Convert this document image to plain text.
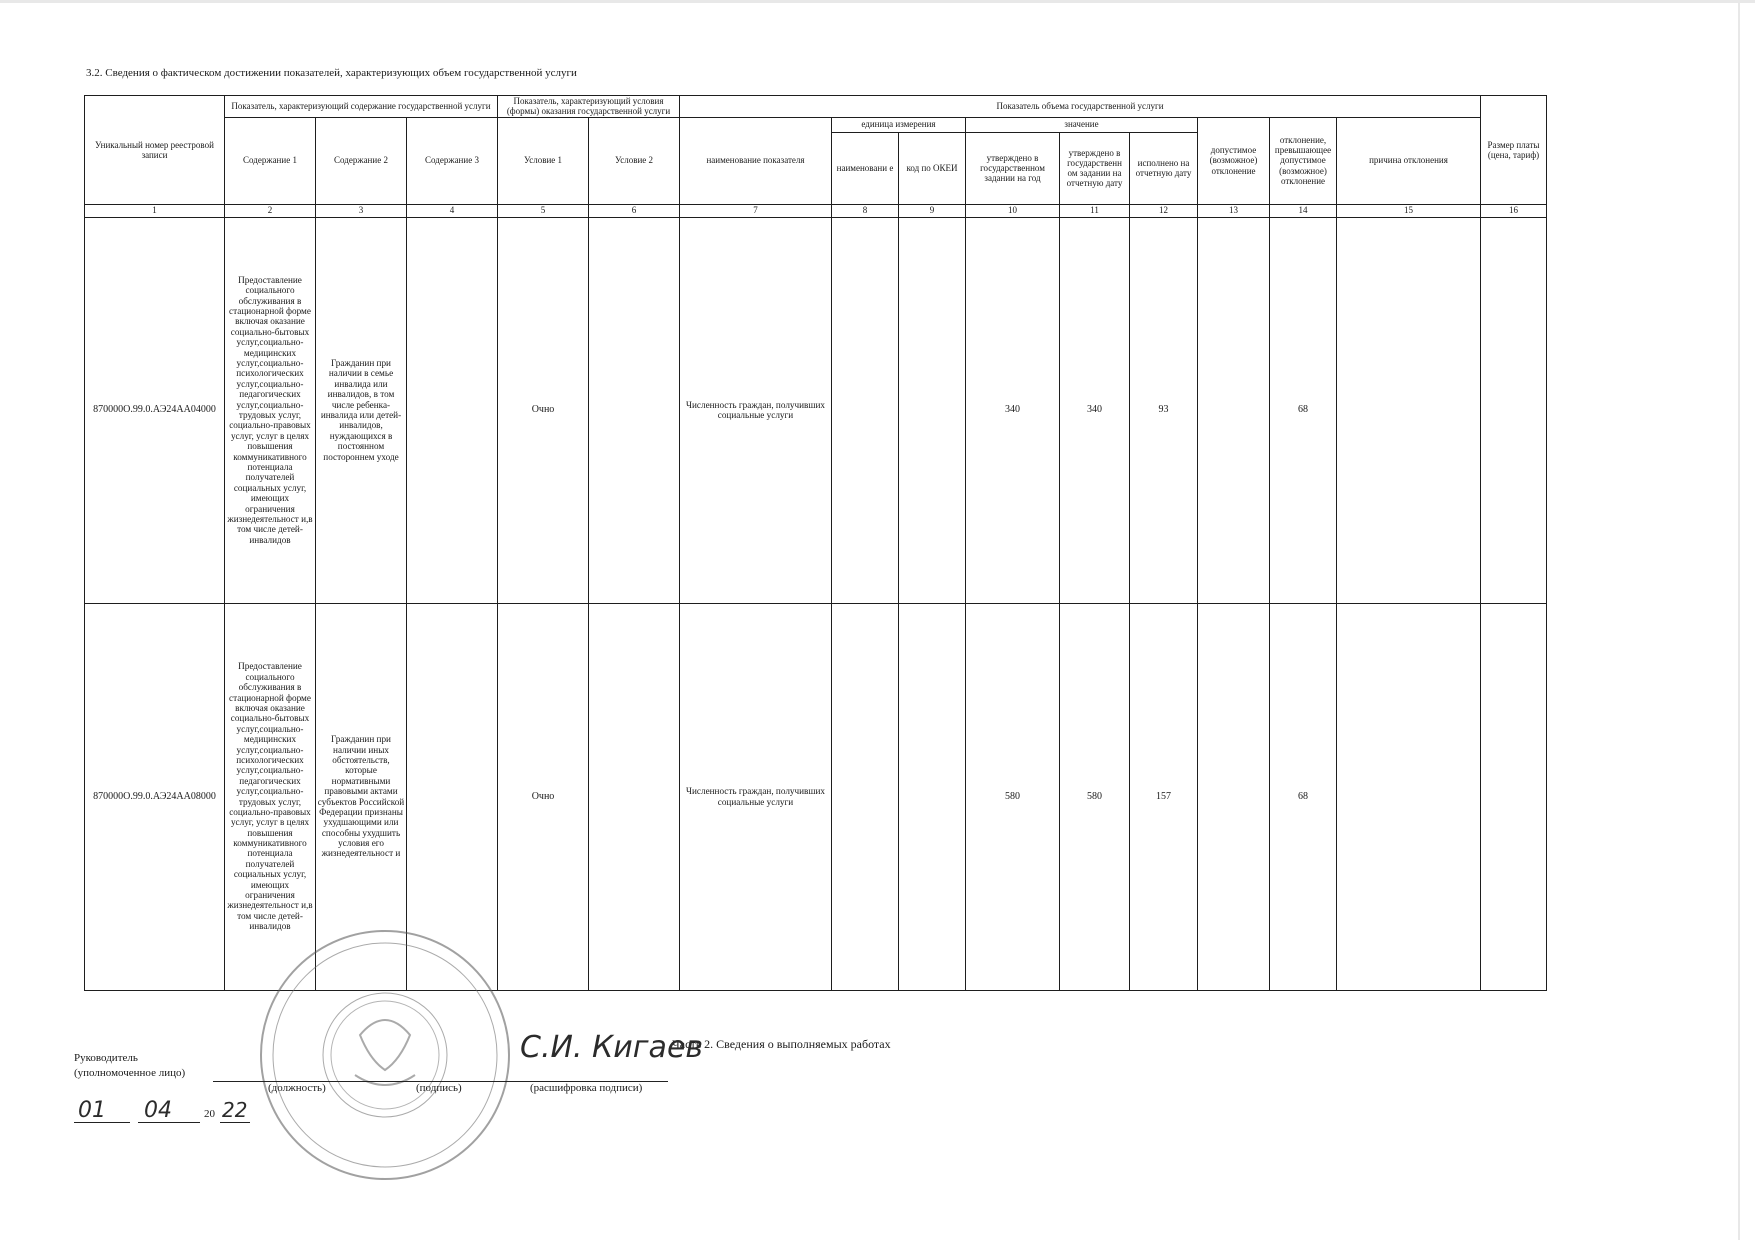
3.2. Сведения о фактическом достижении показателей, характеризующих объем государственной услуги
Уникальный номер реестровой записи	Показатель, характеризующий содержание государственной услуги			Показатель, характеризующий условия (формы) оказания государственной услуги		Показатель объема государственной услуги									Размер платы (цена, тариф)
	Содержание 1	Содержание 2	Содержание 3	Условие 1	Условие 2	наименование показателя	единица измерения		значение			допустимое (возможное) отклонение	отклонение, превышающее допустимое (возможное) отклонение	причина отклонения	
							наименовани е	код по ОКЕИ	утверждено в государственном задании на год	утверждено в государственн ом задании на отчетную дату	исполнено на отчетную дату				
1	2	3	4	5	6	7	8	9	10	11	12	13	14	15	16
870000О.99.0.АЭ24АА04000	Предоставление социального обслуживания в стационарной форме включая оказание социально-бытовых услуг,социально-медицинских услуг,социально-психологических услуг,социально-педагогических услуг,социально-трудовых услуг, социально-правовых услуг, услуг в целях повышения коммуникативного потенциала получателей социальных услуг, имеющих ограничения жизнедеятельност и,в том числе детей-инвалидов	Гражданин при наличии в семье инвалида или инвалидов, в том числе ребенка-инвалида или детей-инвалидов, нуждающихся в постоянном постороннем уходе		Очно		Численность граждан, получивших социальные услуги			340	340	93		68		
870000О.99.0.АЭ24АА08000	Предоставление социального обслуживания в стационарной форме включая оказание социально-бытовых услуг,социально-медицинских услуг,социально-психологических услуг,социально-педагогических услуг,социально-трудовых услуг, социально-правовых услуг, услуг в целях повышения коммуникативного потенциала получателей социальных услуг, имеющих ограничения жизнедеятельност и,в том числе детей-инвалидов	Гражданин при наличии иных обстоятельств, которые нормативными правовыми актами субъектов Российской Федерации признаны ухудшающими или способны ухудшить условия его жизнедеятельност и		Очно		Численность граждан, получивших социальные услуги			580	580	157		68		
Часть 2. Сведения о выполняемых работах
Руководитель
(уполномоченное лицо)
(должность)	(подпись)	(расшифровка подписи)
С.И. Кигаев
01 04	20 22
